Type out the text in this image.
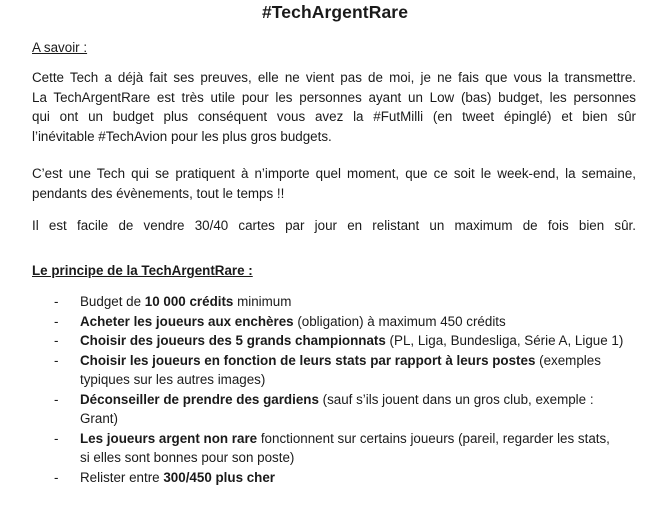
#TechArgentRare
A savoir :

Cette Tech a déjà fait ses preuves, elle ne vient pas de moi, je ne fais que vous la transmettre.
La TechArgentRare est très utile pour les personnes ayant un Low (bas) budget, les personnes
qui ont un budget plus conséquent vous avez la #FutMilli (en tweet épinglé) et bien sûr
l’inévitable #TechAvion pour les plus gros budgets.

C’est une Tech qui se pratiquent à n’importe quel moment, que ce soit le week-end, la semaine,
pendants des évènements, tout le temps !!

Il est facile de vendre 30/40 cartes par jour en relistant un maximum de fois bien sûr.

Le principe de la TechArgentRare :
- Budget de 10 000 crédits minimum
- Acheter les joueurs aux enchères (obligation) à maximum 450 crédits
- Choisir des joueurs des 5 grands championnats (PL, Liga, Bundesliga, Série A, Ligue 1)
- Choisir les joueurs en fonction de leurs stats par rapport à leurs postes (exemples
typiques sur les autres images)
- Déconseiller de prendre des gardiens (sauf s’ils jouent dans un gros club, exemple :
Grant)
- Les joueurs argent non rare fonctionnent sur certains joueurs (pareil, regarder les stats,
si elles sont bonnes pour son poste)
- Relister entre 300/450 plus cher
